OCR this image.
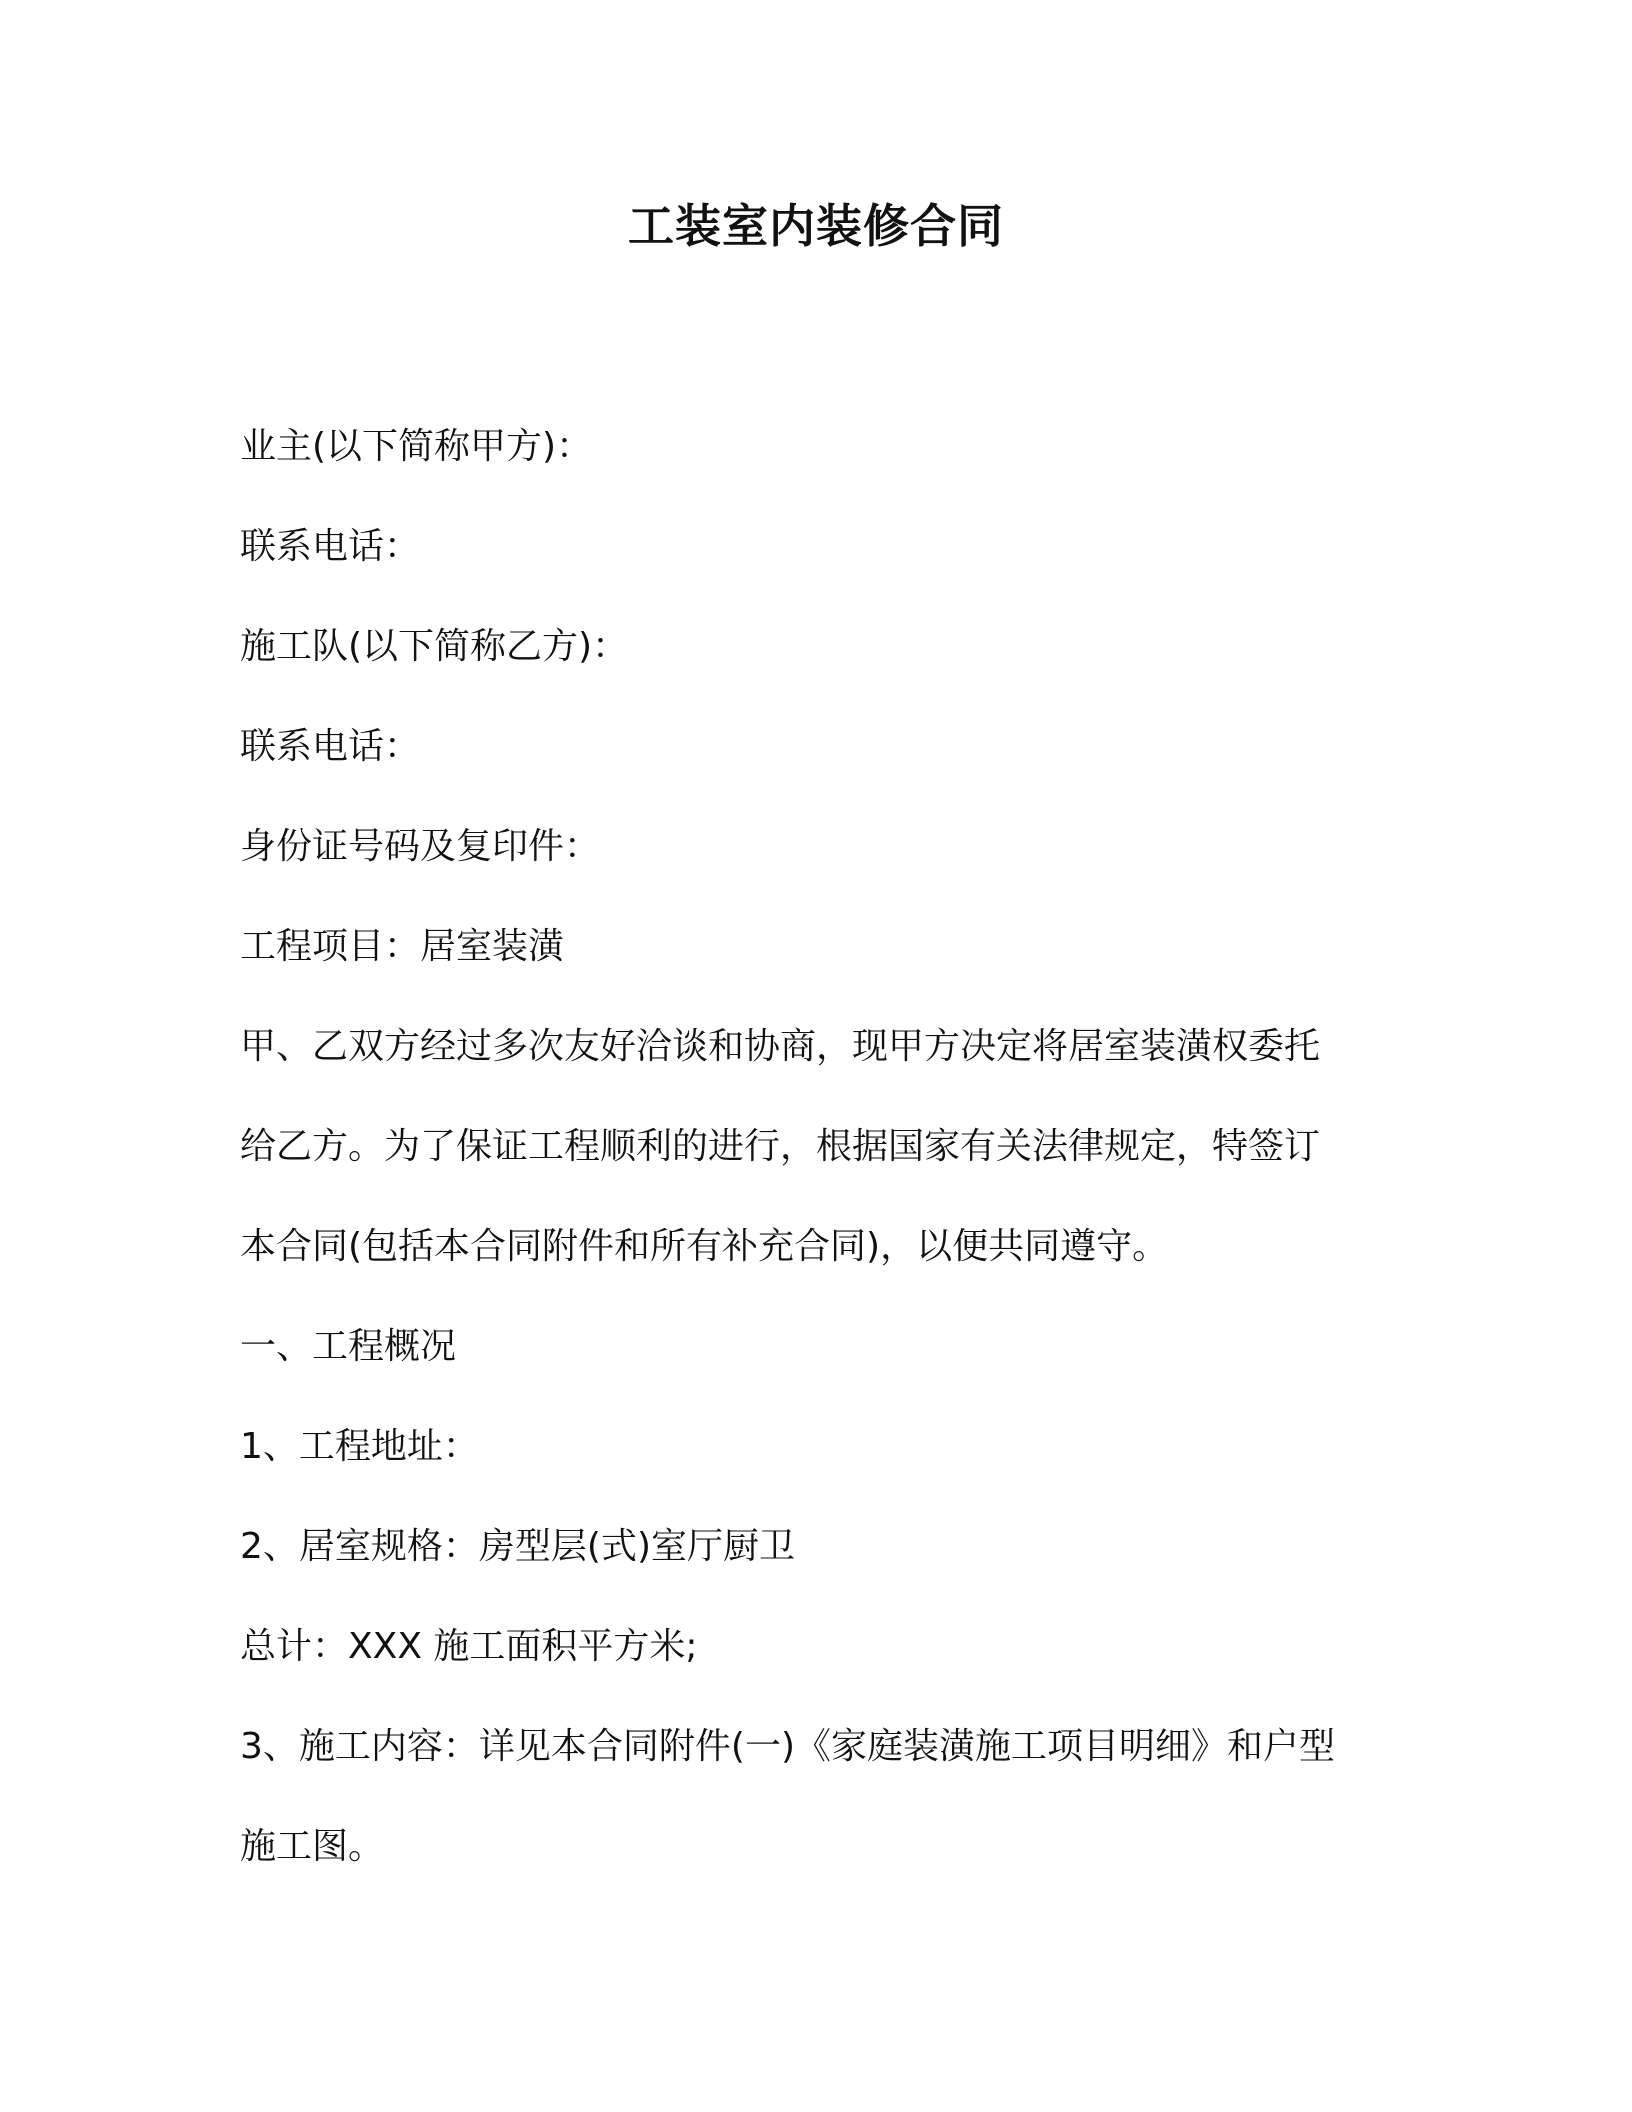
工装室内装修合同
业主(以下简称甲方)：
联系电话：
施工队(以下简称乙方)：
联系电话：
身份证号码及复印件：
工程项目：居室装潢
甲、乙双方经过多次友好洽谈和协商，现甲方决定将居室装潢权委托
给乙方。为了保证工程顺利的进行，根据国家有关法律规定，特签订
本合同(包括本合同附件和所有补充合同)，以便共同遵守。
一、工程概况
1、工程地址：
2、居室规格：房型层(式)室厅厨卫
总计：XXX 施工面积平方米;
3、施工内容：详见本合同附件(一)《家庭装潢施工项目明细》和户型
施工图。
